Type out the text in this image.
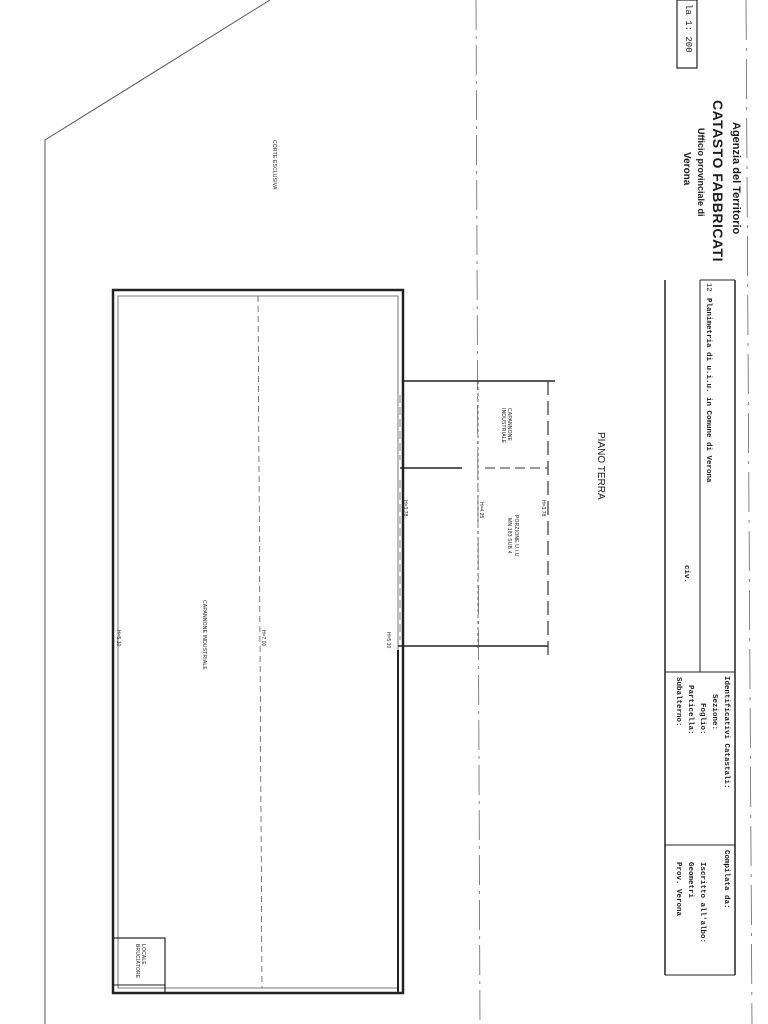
la 1: 200
Agenzia del Territorio
CATASTO FABBRICATI
Ufficio provinciale di
Verona
12
Planimetria di u.i.u. in Comune di Verona
civ.
Identificativi Catastali:
Sezione:
Foglio:
Particella:
Subalterno:
Compilata da:
Iscritto all'albo:
Geometri
Prov. Verona
PIANO TERRA
CORTE ESCLUSIVA
CAPANNONE INDUSTRIALE
PORZIONE U.I.U.
MN 183 SUB 4
CAPANNONE INDUSTRIALE
LOCALE BRUCIATORE
H=3.78
H=4.25
H=3.78
H=5.10
H=7.00
H=5.10
